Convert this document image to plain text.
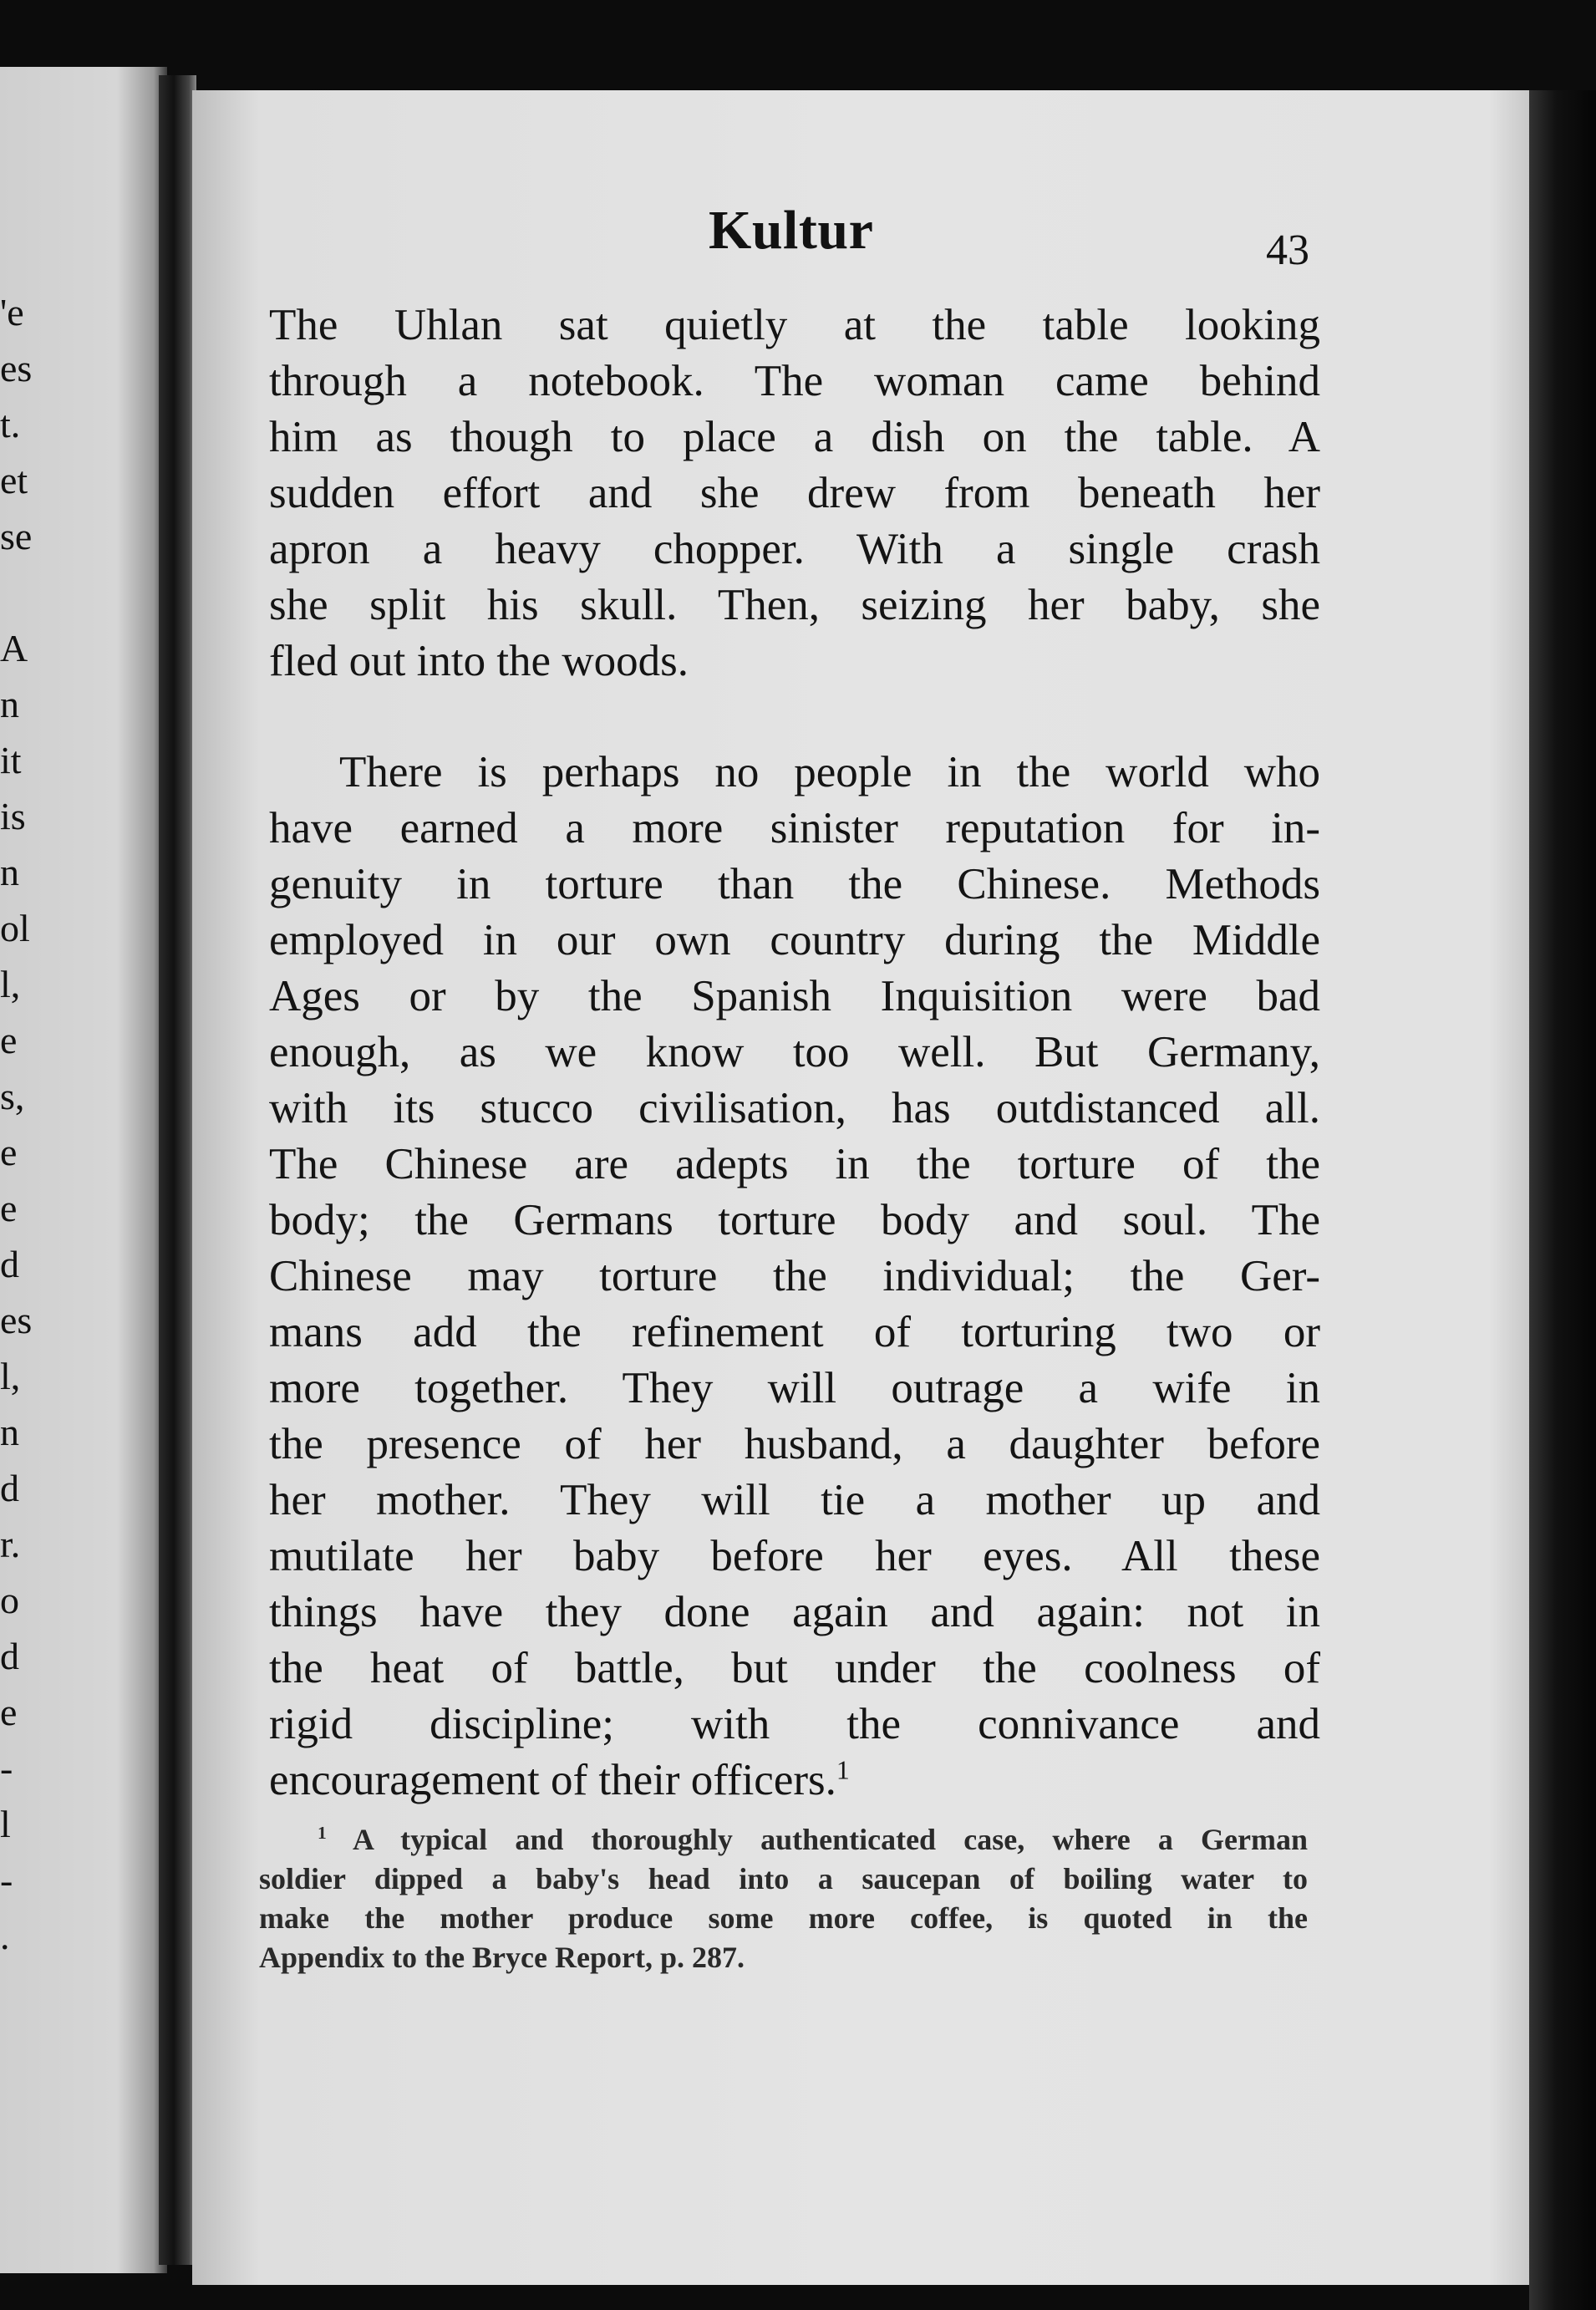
'e
es
t.
et
se
A
n
it
is
n
ol
l,
e
s,
e
e
d
es
l,
n
d
r.
o
d
e
-
l
-
.
Kultur	43

The Uhlan sat quietly at the table looking
through a notebook. The woman came behind
him as though to place a dish on the table. A
sudden effort and she drew from beneath her
apron a heavy chopper. With a single crash
she split his skull. Then, seizing her baby, she
fled out into the woods.

There is perhaps no people in the world who
have earned a more sinister reputation for in-
genuity in torture than the Chinese. Methods
employed in our own country during the Middle
Ages or by the Spanish Inquisition were bad
enough, as we know too well. But Germany,
with its stucco civilisation, has outdistanced all.
The Chinese are adepts in the torture of the
body; the Germans torture body and soul. The
Chinese may torture the individual; the Ger-
mans add the refinement of torturing two or
more together. They will outrage a wife in
the presence of her husband, a daughter before
her mother. They will tie a mother up and
mutilate her baby before her eyes. All these
things have they done again and again: not in
the heat of battle, but under the coolness of
rigid discipline; with the connivance and
encouragement of their officers.$^1$

$^1$ A typical and thoroughly authenticated case, where a German
soldier dipped a baby's head into a saucepan of boiling water to
make the mother produce some more coffee, is quoted in the
Appendix to the Bryce Report, p. 287.
